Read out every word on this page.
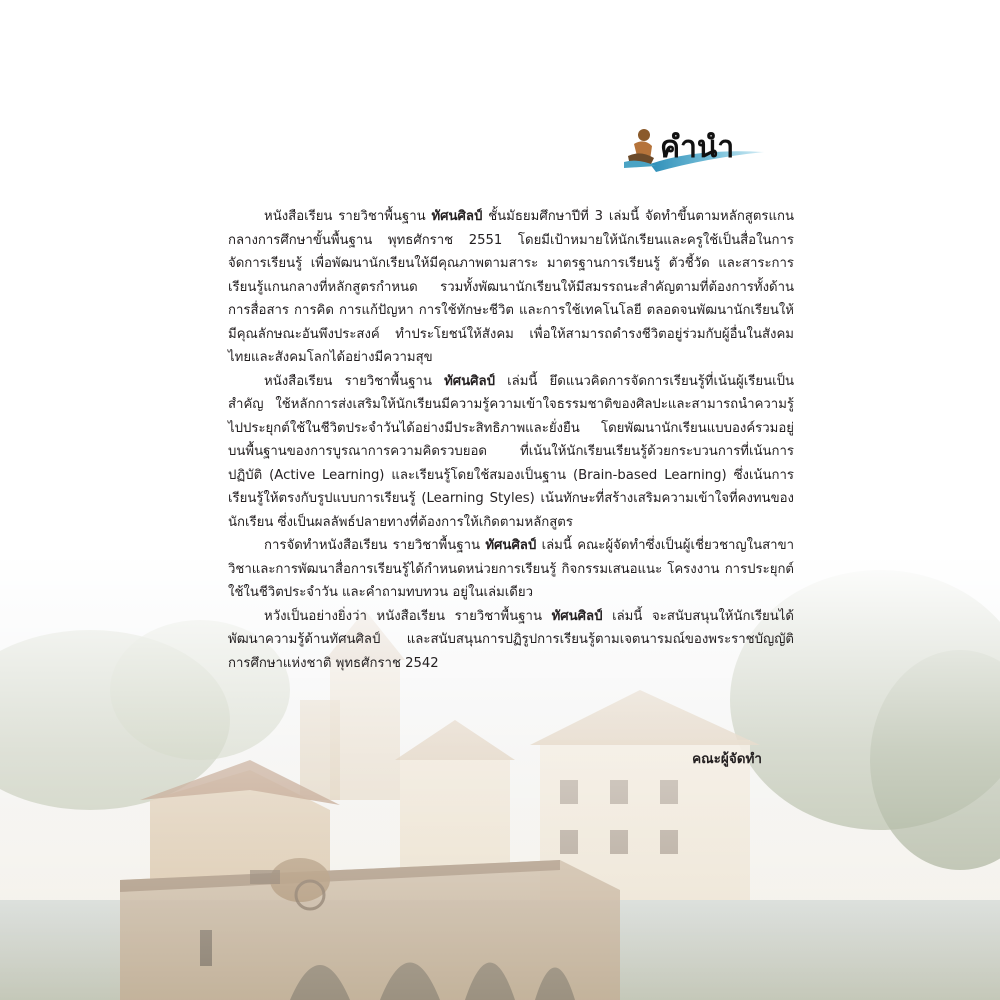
คำนำ

หนังสือเรียน รายวิชาพื้นฐาน ทัศนศิลป์ ชั้นมัธยมศึกษาปีที่ 3 เล่มนี้ จัดทำขึ้นตามหลักสูตรแกนกลางการศึกษาขั้นพื้นฐาน พุทธศักราช 2551 โดยมีเป้าหมายให้นักเรียนและครูใช้เป็นสื่อในการจัดการเรียนรู้ เพื่อพัฒนานักเรียนให้มีคุณภาพตามสาระ มาตรฐานการเรียนรู้ ตัวชี้วัด และสาระการเรียนรู้แกนกลางที่หลักสูตรกำหนด รวมทั้งพัฒนานักเรียนให้มีสมรรถนะสำคัญตามที่ต้องการทั้งด้านการสื่อสาร การคิด การแก้ปัญหา การใช้ทักษะชีวิต และการใช้เทคโนโลยี ตลอดจนพัฒนานักเรียนให้มีคุณลักษณะอันพึงประสงค์ ทำประโยชน์ให้สังคม เพื่อให้สามารถดำรงชีวิตอยู่ร่วมกับผู้อื่นในสังคมไทยและสังคมโลกได้อย่างมีความสุข

หนังสือเรียน รายวิชาพื้นฐาน ทัศนศิลป์ เล่มนี้ ยึดแนวคิดการจัดการเรียนรู้ที่เน้นผู้เรียนเป็นสำคัญ ใช้หลักการส่งเสริมให้นักเรียนมีความรู้ความเข้าใจธรรมชาติของศิลปะและสามารถนำความรู้ไปประยุกต์ใช้ในชีวิตประจำวันได้อย่างมีประสิทธิภาพและยั่งยืน โดยพัฒนานักเรียนแบบองค์รวมอยู่บนพื้นฐานของการบูรณาการความคิดรวบยอด ที่เน้นให้นักเรียนเรียนรู้ด้วยกระบวนการที่เน้นการปฏิบัติ (Active Learning) และเรียนรู้โดยใช้สมองเป็นฐาน (Brain-based Learning) ซึ่งเน้นการเรียนรู้ให้ตรงกับรูปแบบการเรียนรู้ (Learning Styles) เน้นทักษะที่สร้างเสริมความเข้าใจที่คงทนของนักเรียน ซึ่งเป็นผลลัพธ์ปลายทางที่ต้องการให้เกิดตามหลักสูตร

การจัดทำหนังสือเรียน รายวิชาพื้นฐาน ทัศนศิลป์ เล่มนี้ คณะผู้จัดทำซึ่งเป็นผู้เชี่ยวชาญในสาขาวิชาและการพัฒนาสื่อการเรียนรู้ได้กำหนดหน่วยการเรียนรู้ กิจกรรมเสนอแนะ โครงงาน การประยุกต์ใช้ในชีวิตประจำวัน และคำถามทบทวน อยู่ในเล่มเดียว

หวังเป็นอย่างยิ่งว่า หนังสือเรียน รายวิชาพื้นฐาน ทัศนศิลป์ เล่มนี้ จะสนับสนุนให้นักเรียนได้พัฒนาความรู้ด้านทัศนศิลป์ และสนับสนุนการปฏิรูปการเรียนรู้ตามเจตนารมณ์ของพระราชบัญญัติการศึกษาแห่งชาติ พุทธศักราช 2542

คณะผู้จัดทำ
